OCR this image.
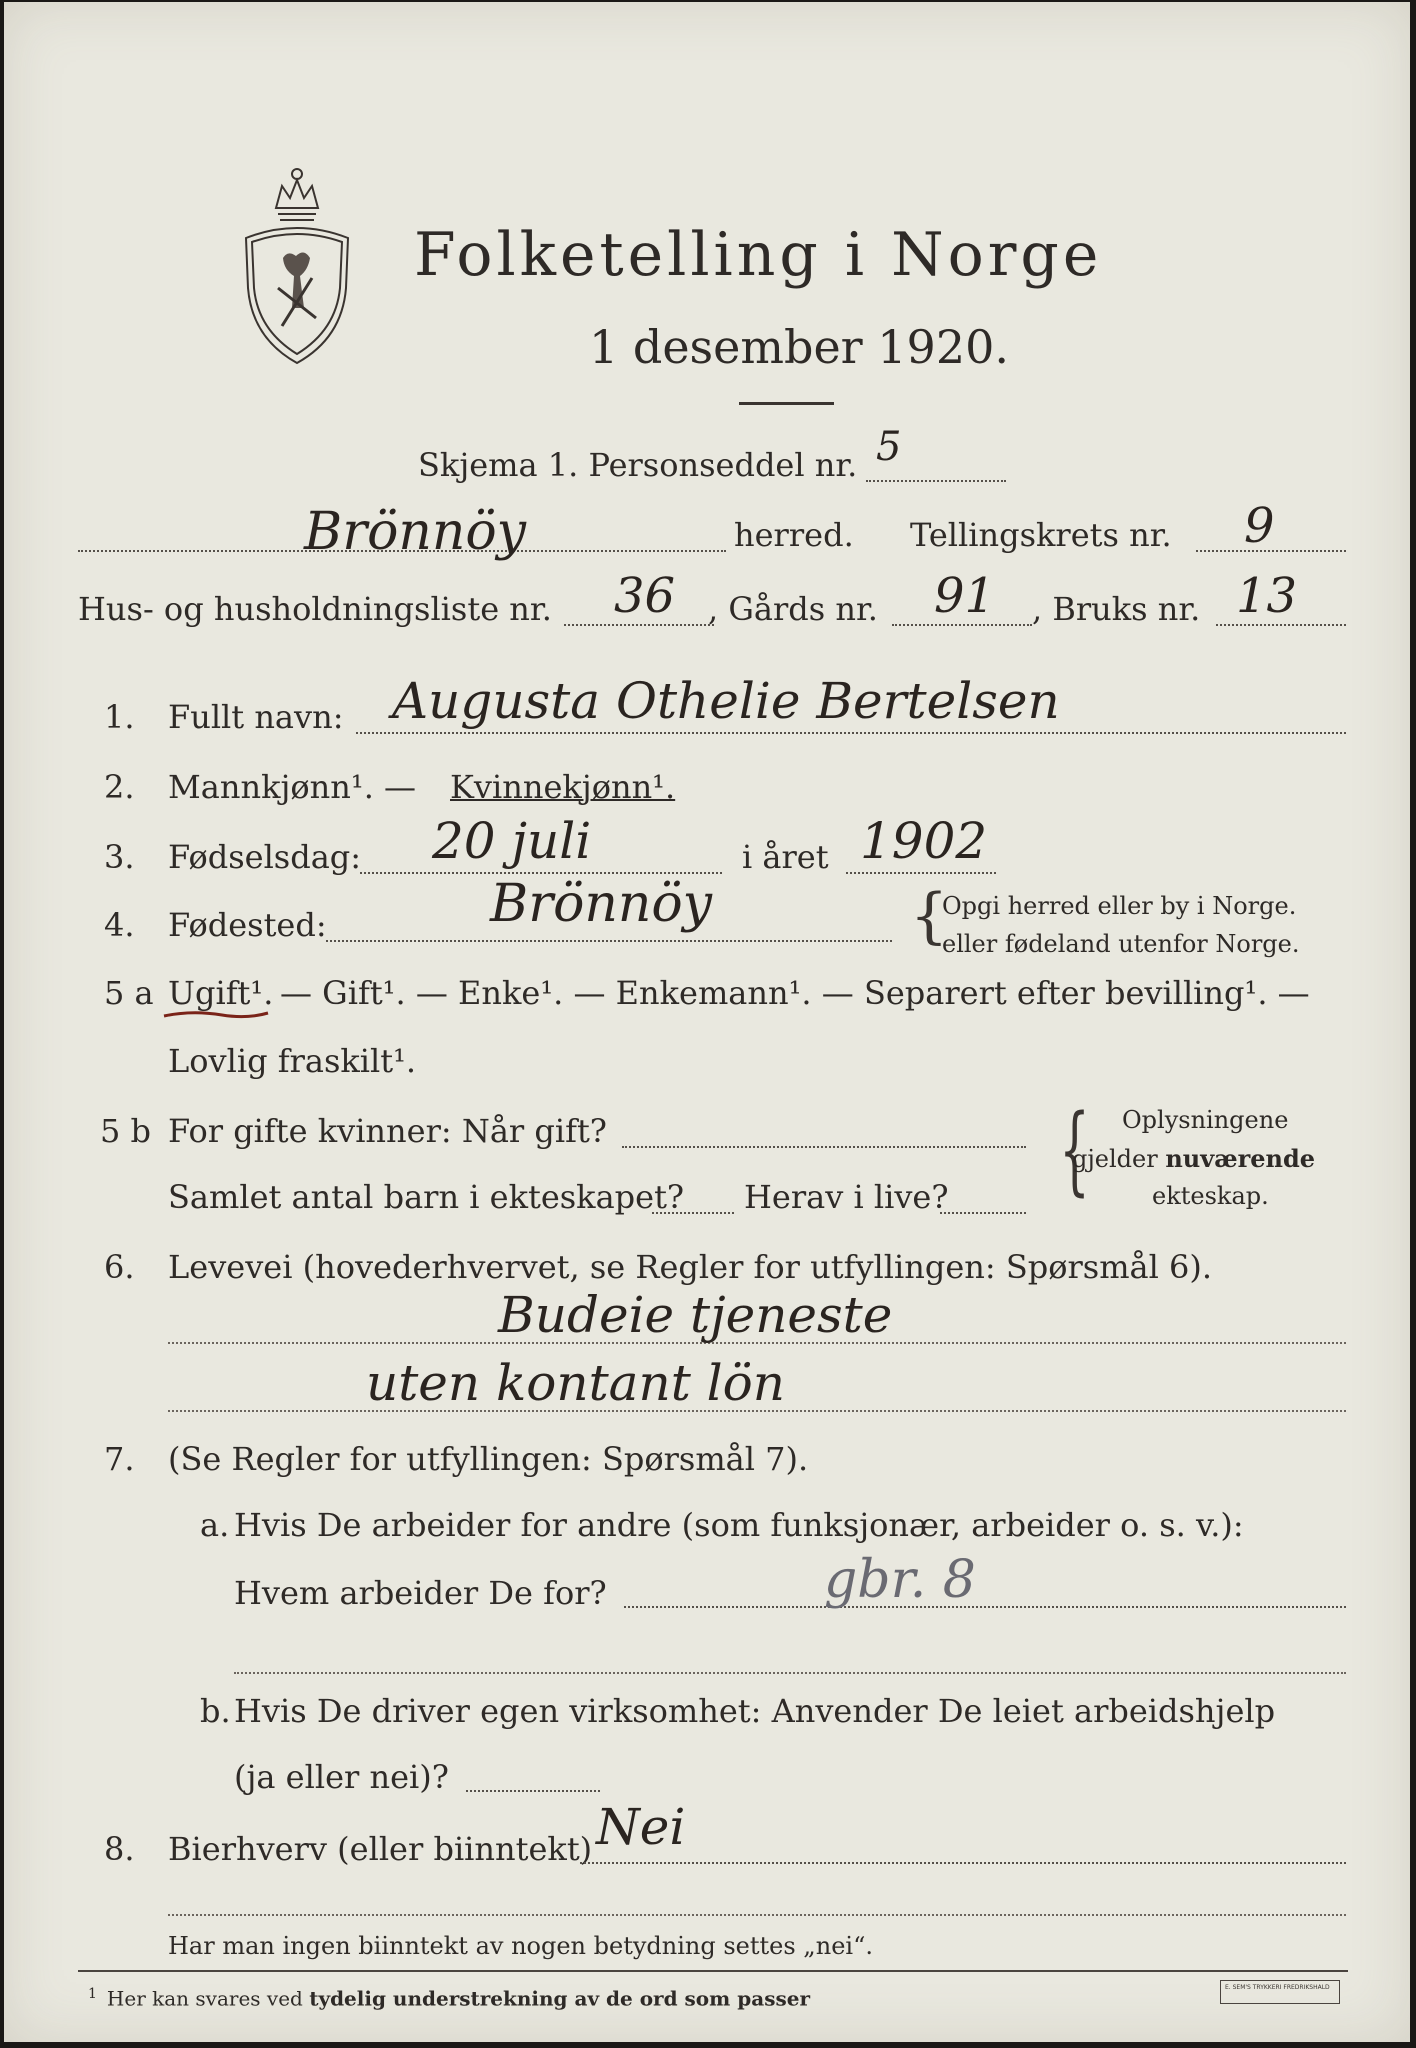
Folketelling i Norge
1 desember 1920.
Skjema 1. Personseddel nr. 5
Brönnöy	herred. Tellingskrets nr. 9
Hus- og husholdningsliste nr. 36 , Gårds nr. 91 , Bruks nr. 13
1. Fullt navn: Augusta Othelie Bertelsen
2. Mannkjønn¹. — Kvinnekjønn¹.
3. Fødselsdag: 20 juli	i året 1902
4. Fødested:	Brönnöy	{
Opgi herred eller by i Norge.
eller fødeland utenfor Norge.
5 a Ugift¹. — Gift¹. — Enke¹. — Enkemann¹. — Separert efter bevilling¹. —
Lovlig fraskilt¹.
5 b For gifte kvinner: Når gift?
Samlet antal barn i ekteskapet? Herav i live? { Oplysningene
gjelder nuværende
ekteskap.
6. Levevei (hovederhvervet, se Regler for utfyllingen: Spørsmål 6).
Budeie tjeneste
uten kontant lön
7. (Se Regler for utfyllingen: Spørsmål 7).
a. Hvis De arbeider for andre (som funksjonær, arbeider o. s. v.):
Hvem arbeider De for?	gbr. 8
b. Hvis De driver egen virksomhet: Anvender De leiet arbeidshjelp
(ja eller nei)?
8. Bierhverv (eller biinntekt) Nei
Har man ingen biinntekt av nogen betydning settes „nei“.
$^1$ Her kan svares ved tydelig understrekning av de ord som passer	E. SEM'S TRYKKERI FREDRIKSHALD
